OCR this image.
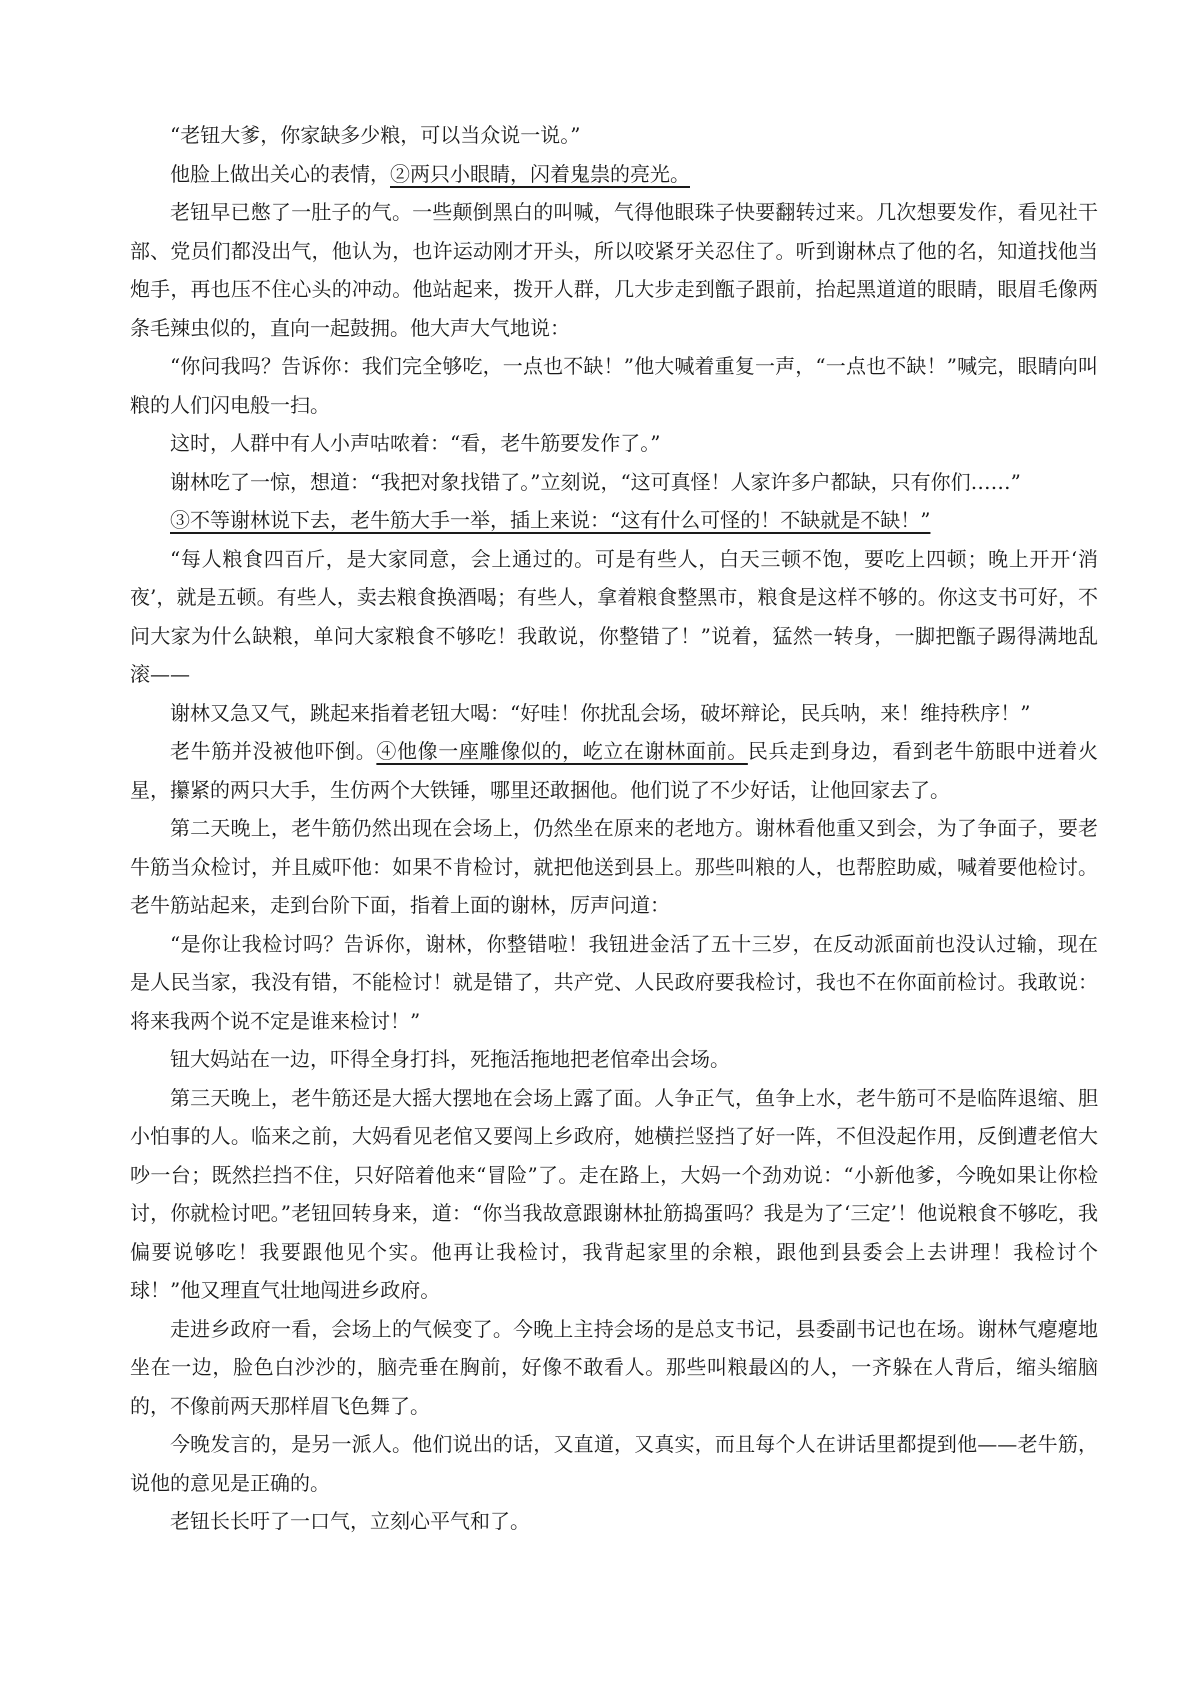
“老钮大爹，你家缺多少粮，可以当众说一说。”

他脸上做出关心的表情，②两只小眼睛，闪着鬼祟的亮光。

老钮早已憋了一肚子的气。一些颠倒黑白的叫喊，气得他眼珠子快要翻转过来。几次想要发作，看见社干部、党员们都没出气，他认为，也许运动刚才开头，所以咬紧牙关忍住了。听到谢林点了他的名，知道找他当炮手，再也压不住心头的冲动。他站起来，拨开人群，几大步走到甑子跟前，抬起黑道道的眼睛，眼眉毛像两条毛辣虫似的，直向一起鼓拥。他大声大气地说：

“你问我吗？告诉你：我们完全够吃，一点也不缺！”他大喊着重复一声，“一点也不缺！”喊完，眼睛向叫粮的人们闪电般一扫。

这时，人群中有人小声咕哝着：“看，老牛筋要发作了。”

谢林吃了一惊，想道：“我把对象找错了。”立刻说，“这可真怪！人家许多户都缺，只有你们……”

③不等谢林说下去，老牛筋大手一举，插上来说：“这有什么可怪的！不缺就是不缺！”

“每人粮食四百斤，是大家同意，会上通过的。可是有些人，白天三顿不饱，要吃上四顿；晚上开开‘消夜’，就是五顿。有些人，卖去粮食换酒喝；有些人，拿着粮食整黑市，粮食是这样不够的。你这支书可好，不问大家为什么缺粮，单问大家粮食不够吃！我敢说，你整错了！”说着，猛然一转身，一脚把甑子踢得满地乱滚——

谢林又急又气，跳起来指着老钮大喝：“好哇！你扰乱会场，破坏辩论，民兵呐，来！维持秩序！”

老牛筋并没被他吓倒。④他像一座雕像似的，屹立在谢林面前。民兵走到身边，看到老牛筋眼中迸着火星，攥紧的两只大手，生仿两个大铁锤，哪里还敢捆他。他们说了不少好话，让他回家去了。

第二天晚上，老牛筋仍然出现在会场上，仍然坐在原来的老地方。谢林看他重又到会，为了争面子，要老牛筋当众检讨，并且威吓他：如果不肯检讨，就把他送到县上。那些叫粮的人，也帮腔助威，喊着要他检讨。老牛筋站起来，走到台阶下面，指着上面的谢林，厉声问道：

“是你让我检讨吗？告诉你，谢林，你整错啦！我钮进金活了五十三岁，在反动派面前也没认过输，现在是人民当家，我没有错，不能检讨！就是错了，共产党、人民政府要我检讨，我也不在你面前检讨。我敢说：将来我两个说不定是谁来检讨！”

钮大妈站在一边，吓得全身打抖，死拖活拖地把老倌牵出会场。

第三天晚上，老牛筋还是大摇大摆地在会场上露了面。人争正气，鱼争上水，老牛筋可不是临阵退缩、胆小怕事的人。临来之前，大妈看见老倌又要闯上乡政府，她横拦竖挡了好一阵，不但没起作用，反倒遭老倌大吵一台；既然拦挡不住，只好陪着他来“冒险”了。走在路上，大妈一个劲劝说：“小新他爹，今晚如果让你检讨，你就检讨吧。”老钮回转身来，道：“你当我故意跟谢林扯筋捣蛋吗？我是为了‘三定’！他说粮食不够吃，我偏要说够吃！我要跟他见个实。他再让我检讨，我背起家里的余粮，跟他到县委会上去讲理！我检讨个球！”他又理直气壮地闯进乡政府。

走进乡政府一看，会场上的气候变了。今晚上主持会场的是总支书记，县委副书记也在场。谢林气瘪瘪地坐在一边，脸色白沙沙的，脑壳垂在胸前，好像不敢看人。那些叫粮最凶的人，一齐躲在人背后，缩头缩脑的，不像前两天那样眉飞色舞了。

今晚发言的，是另一派人。他们说出的话，又直道，又真实，而且每个人在讲话里都提到他——老牛筋，说他的意见是正确的。

老钮长长吁了一口气，立刻心平气和了。
